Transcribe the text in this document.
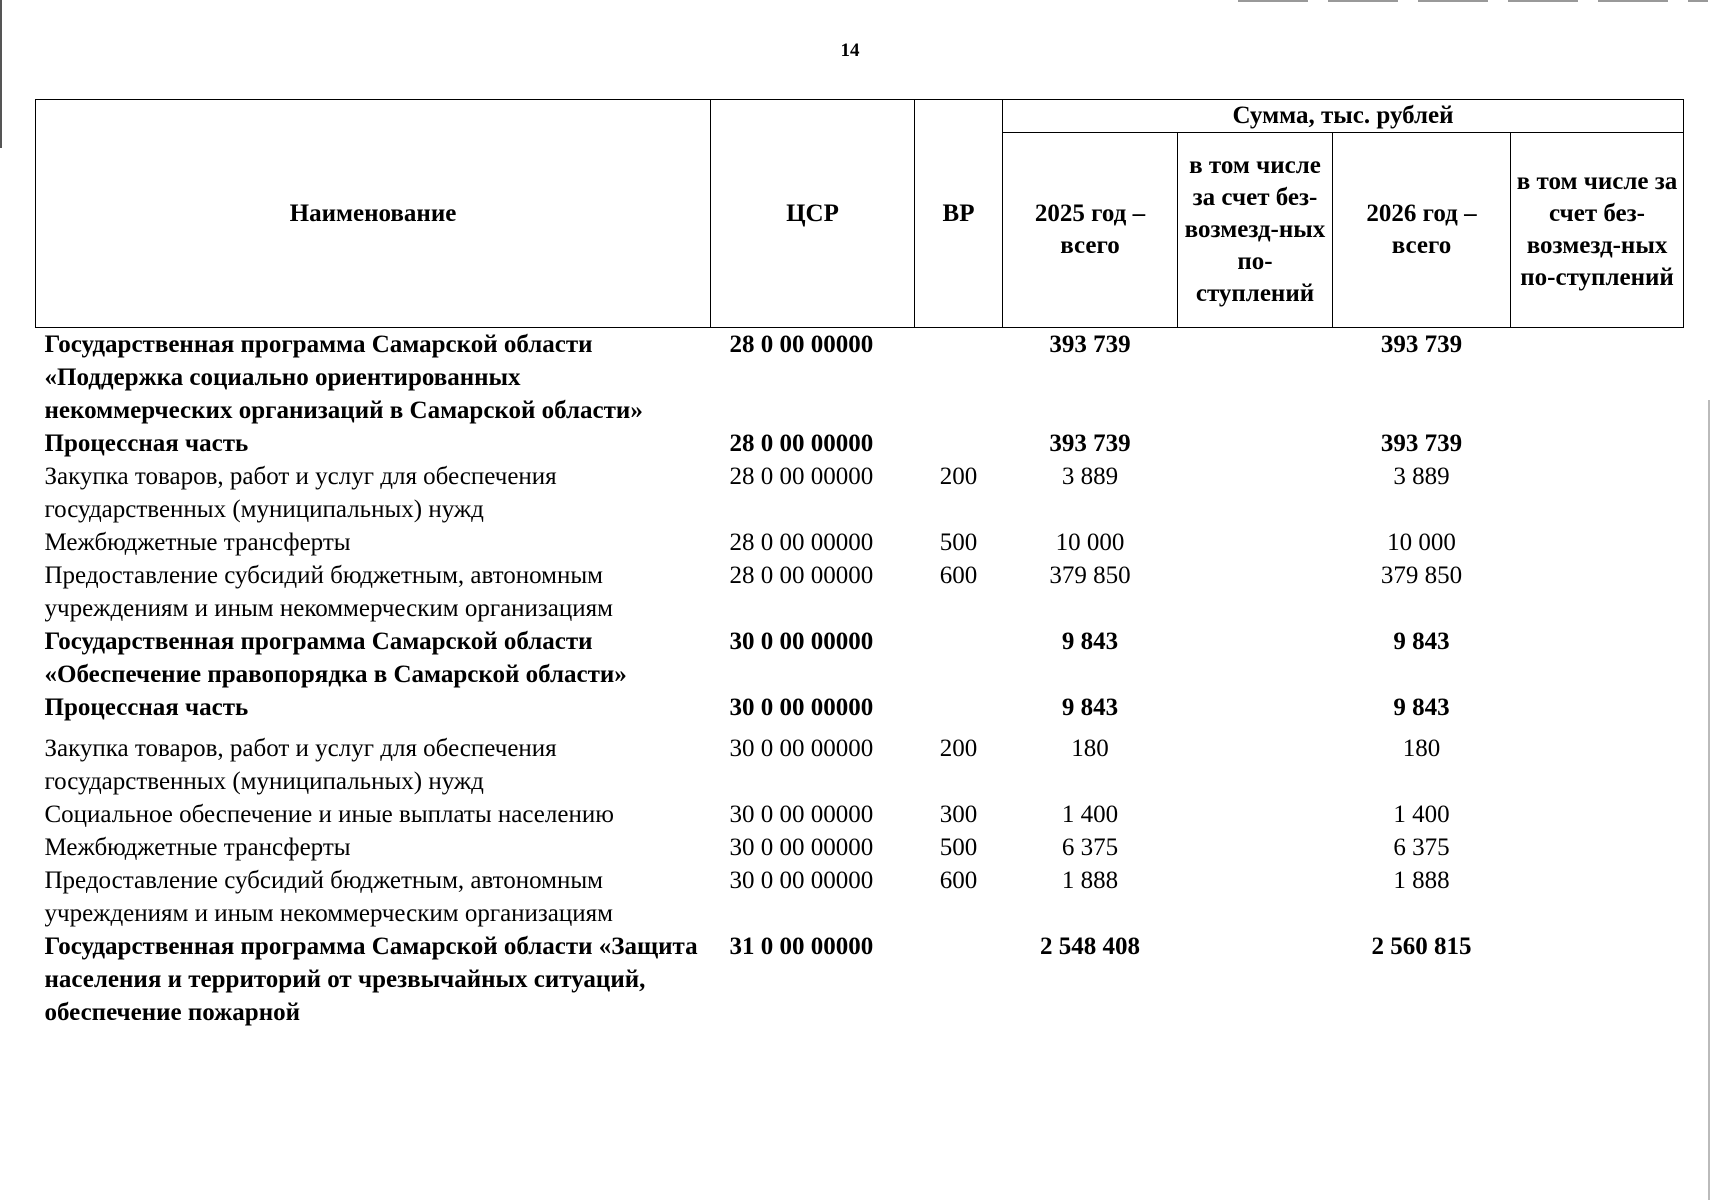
14
Наименование	ЦСР	ВР	Сумма, тыс. рублей			
			2025 год – всего	в том числе за счет без-возмезд-ных по-ступлений	2026 год – всего	в том числе за счет без-возмезд-ных по-ступлений
Государственная программа Самарской области «Поддержка социально ориентированных некоммерческих организаций в Самарской области»	28 0 00 00000		393 739		393 739	
Процессная часть	28 0 00 00000		393 739		393 739	
Закупка товаров, работ и услуг для обеспечения государственных (муниципальных) нужд	28 0 00 00000	200	3 889		3 889	
Межбюджетные трансферты	28 0 00 00000	500	10 000		10 000	
Предоставление субсидий бюджетным, автономным учреждениям и иным некоммерческим организациям	28 0 00 00000	600	379 850		379 850	
Государственная программа Самарской области «Обеспечение правопорядка в Самарской области»	30 0 00 00000		9 843		9 843	
Процессная часть	30 0 00 00000		9 843		9 843	
Закупка товаров, работ и услуг для обеспечения государственных (муниципальных) нужд	30 0 00 00000	200	180		180	
Социальное обеспечение и иные выплаты населению	30 0 00 00000	300	1 400		1 400	
Межбюджетные трансферты	30 0 00 00000	500	6 375		6 375	
Предоставление субсидий бюджетным, автономным учреждениям и иным некоммерческим организациям	30 0 00 00000	600	1 888		1 888	
Государственная программа Самарской области «Защита населения и территорий от чрезвычайных ситуаций, обеспечение пожарной	31 0 00 00000		2 548 408		2 560 815	
